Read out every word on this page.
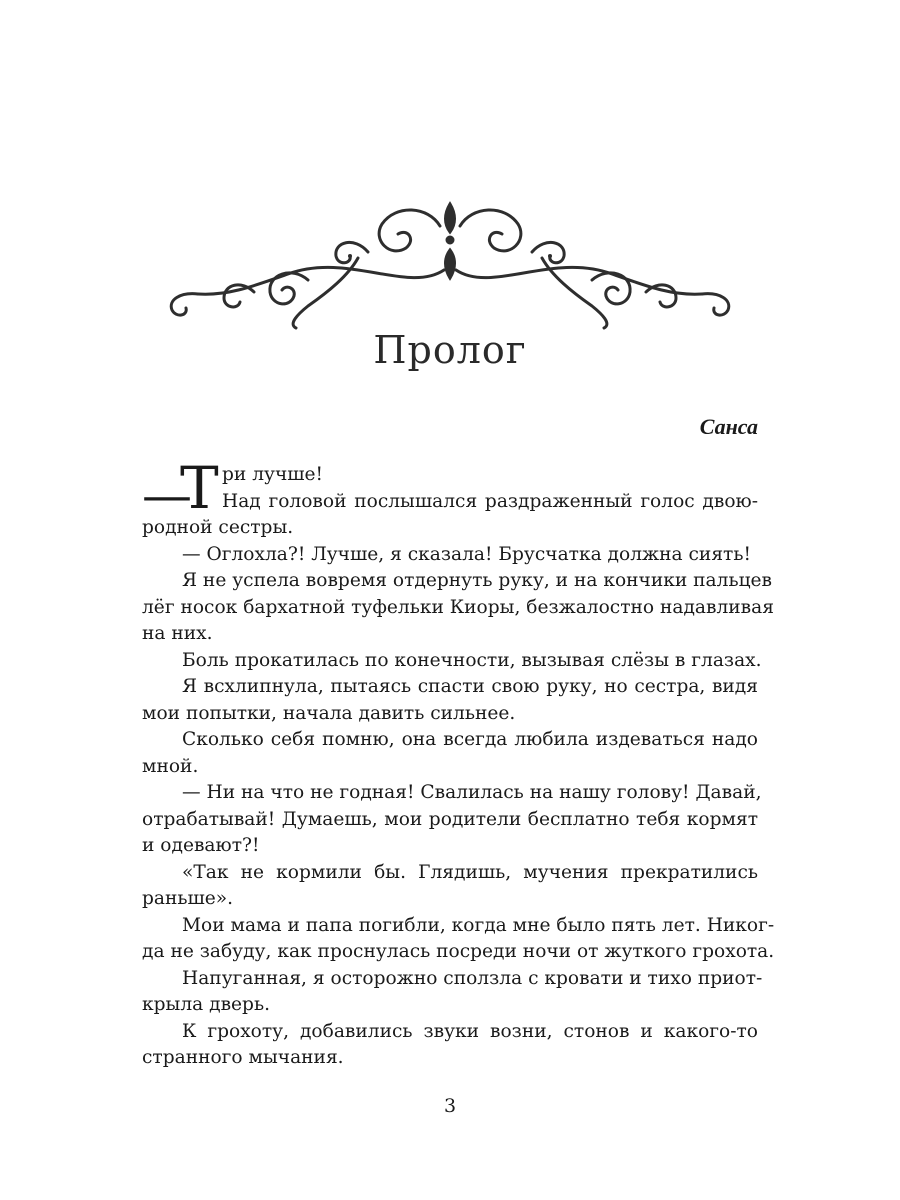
Пролог
Санса
—
Т ри лучше!
Над головой послышался раздраженный голос двою-
родной сестры.
— Оглохла?! Лучше, я сказала! Брусчатка должна сиять!
Я не успела вовремя отдернуть руку, и на кончики пальцев
лёг носок бархатной туфельки Киоры, безжалостно надавливая
на них.
Боль прокатилась по конечности, вызывая слёзы в глазах.
Я всхлипнула, пытаясь спасти свою руку, но сестра, видя
мои попытки, начала давить сильнее.
Сколько себя помню, она всегда любила издеваться надо
мной.
— Ни на что не годная! Свалилась на нашу голову! Давай,
отрабатывай! Думаешь, мои родители бесплатно тебя кормят
и одевают?!
«Так не кормили бы. Глядишь, мучения прекратились
раньше».
Мои мама и папа погибли, когда мне было пять лет. Никог-
да не забуду, как проснулась посреди ночи от жуткого грохота.
Напуганная, я осторожно сползла с кровати и тихо приот-
крыла дверь.
К грохоту, добавились звуки возни, стонов и какого-то
странного мычания.
3
